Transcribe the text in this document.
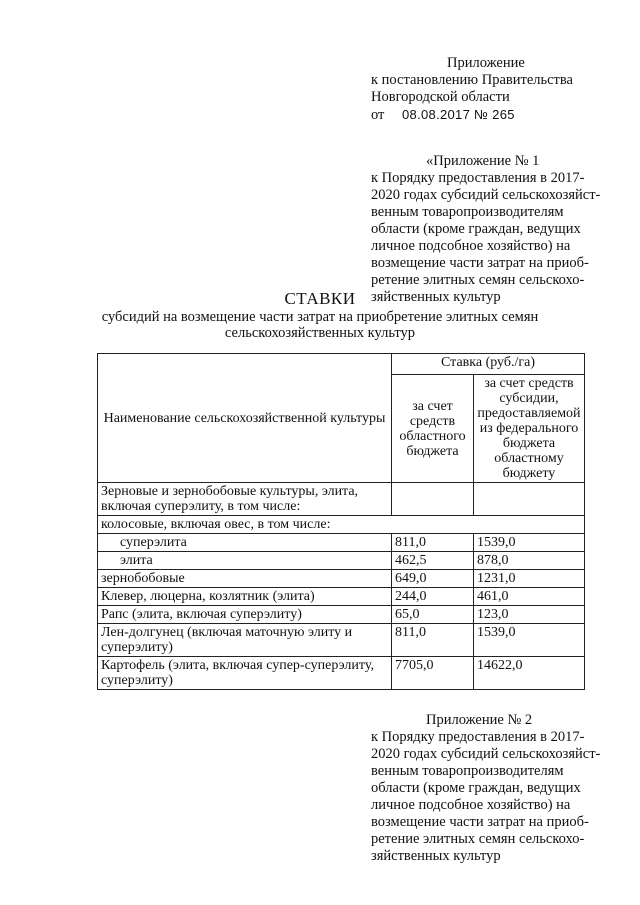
Приложение
к постановлению Правительства
Новгородской области
от 08.08.2017 № 265
«Приложение № 1
к Порядку предоставления в 2017-
2020 годах субсидий сельскохозяйст-
венным товаропроизводителям
области (кроме граждан, ведущих
личное подсобное хозяйство) на
возмещение части затрат на приоб-
ретение элитных семян сельскохо-
зяйственных культур
СТАВКИ
субсидий на возмещение части затрат на приобретение элитных семян
сельскохозяйственных культур
Наименование сельскохозяйственной культуры	Ставка (руб./га)	
	за счет средств областного бюджета	за счет средств субсидии, предоставляемой из федерального бюджета областному бюджету
Зерновые и зернобобовые культуры, элита, включая суперэлиту, в том числе:		
колосовые, включая овес, в том числе:		
суперэлита	811,0	1539,0
элита	462,5	878,0
зернобобовые	649,0	1231,0
Клевер, люцерна, козлятник (элита)	244,0	461,0
Рапс (элита, включая суперэлиту)	65,0	123,0
Лен-долгунец (включая маточную элиту и суперэлиту)	811,0	1539,0
Картофель (элита, включая супер-суперэлиту, суперэлиту)	7705,0	14622,0
Приложение № 2
к Порядку предоставления в 2017-
2020 годах субсидий сельскохозяйст-
венным товаропроизводителям
области (кроме граждан, ведущих
личное подсобное хозяйство) на
возмещение части затрат на приоб-
ретение элитных семян сельскохо-
зяйственных культур
